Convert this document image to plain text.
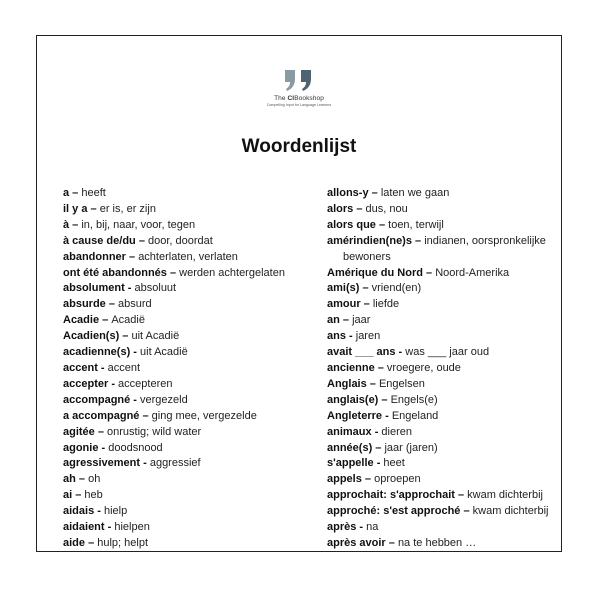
The CIBookshop
Compelling Input for Language Learners
Woordenlijst
a – heeft
il y a – er is, er zijn
à – in, bij, naar, voor, tegen
à cause de/du – door, doordat
abandonner – achterlaten, verlaten
ont été abandonnés – werden achtergelaten
absolument - absoluut
absurde – absurd
Acadie – Acadië
Acadien(s) – uit Acadië
acadienne(s) - uit Acadië
accent - accent
accepter - accepteren
accompagné - vergezeld
a accompagné – ging mee, vergezelde
agitée – onrustig; wild water
agonie - doodsnood
agressivement - aggressief
ah – oh
ai – heb
aidais - hielp
aidaient - hielpen
aide – hulp; helpt
allons-y – laten we gaan
alors – dus, nou
alors que – toen, terwijl
amérindien(ne)s – indianen, oorspronkelijke
bewoners
Amérique du Nord – Noord-Amerika
ami(s) – vriend(en)
amour – liefde
an – jaar
ans - jaren
avait ___ ans - was ___ jaar oud
ancienne – vroegere, oude
Anglais – Engelsen
anglais(e) – Engels(e)
Angleterre - Engeland
animaux - dieren
année(s) – jaar (jaren)
s'appelle - heet
appels – oproepen
approchait: s'approchait – kwam dichterbij
approché: s'est approché – kwam dichterbij
après - na
après avoir – na te hebben …
